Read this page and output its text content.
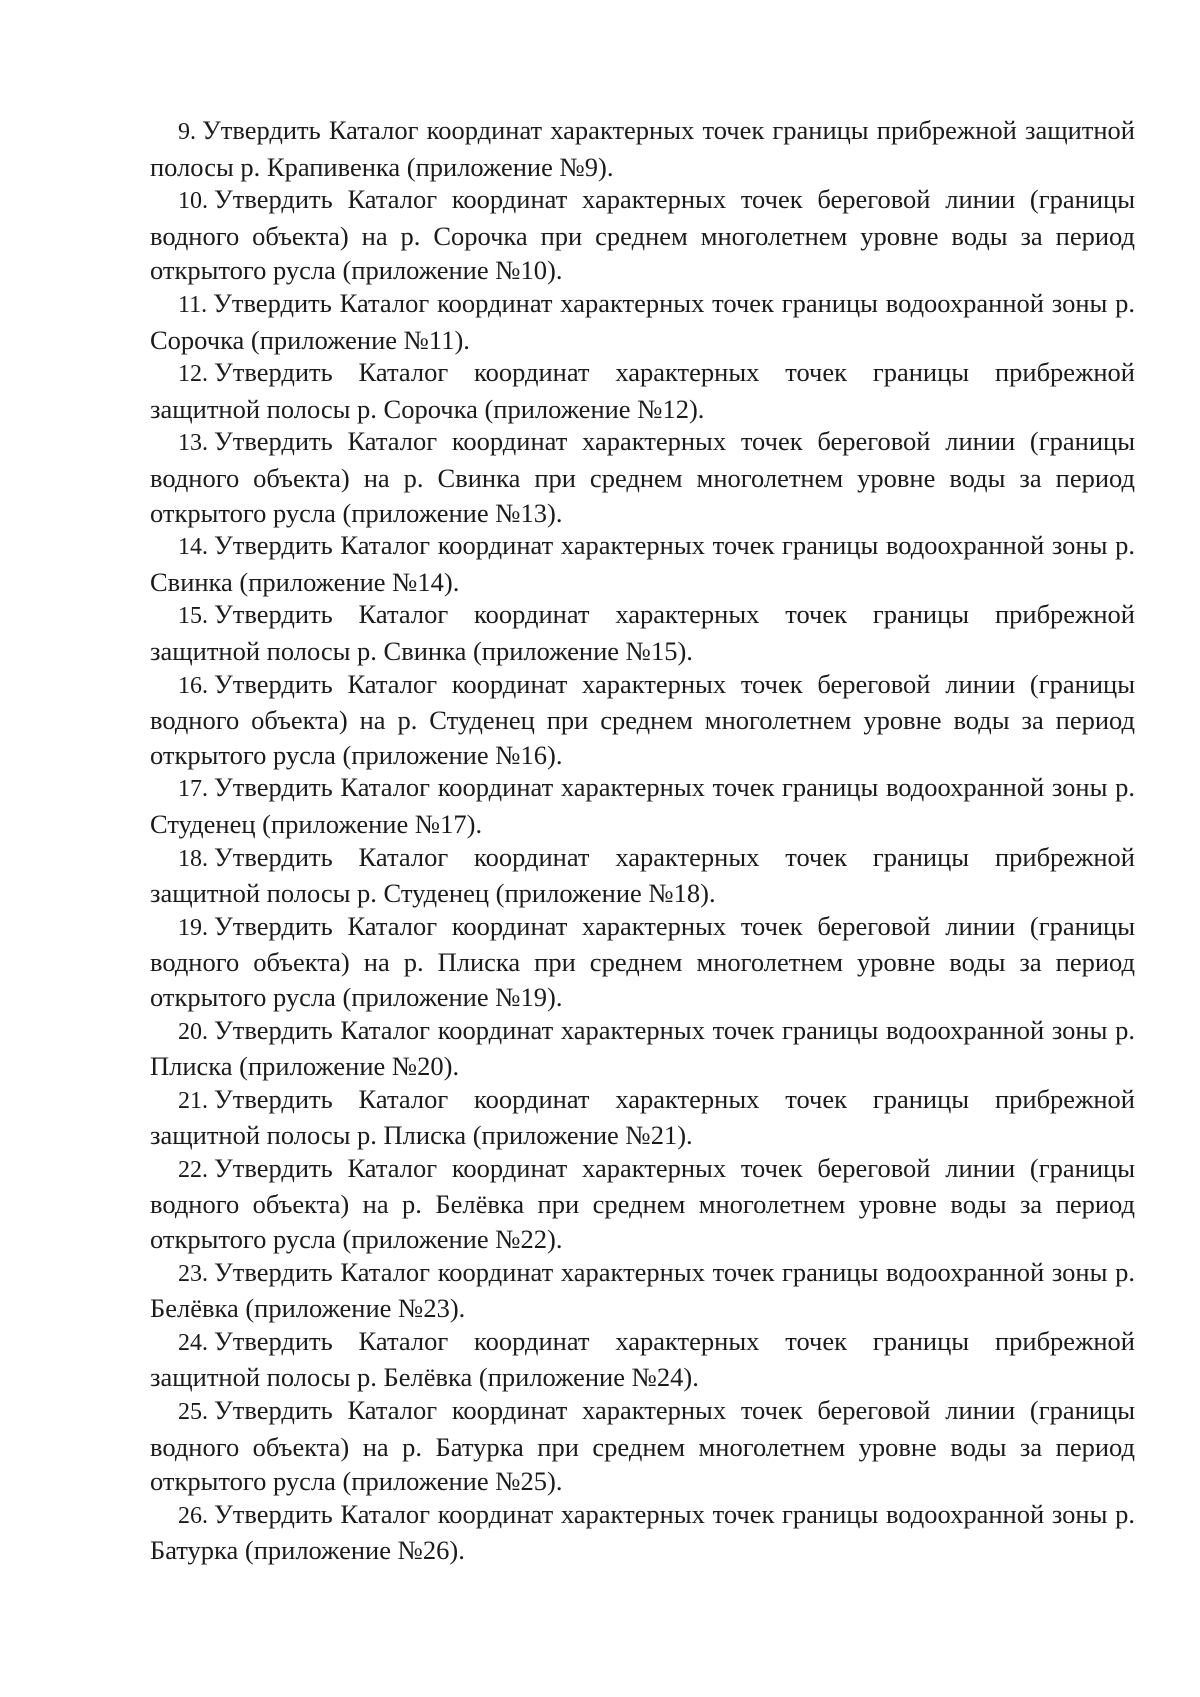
9. Утвердить Каталог координат характерных точек границы прибрежной защитной полосы р. Крапивенка (приложение №9).

10. Утвердить Каталог координат характерных точек береговой линии (границы водного объекта) на р. Сорочка при среднем многолетнем уровне воды за период открытого русла (приложение №10).

11. Утвердить Каталог координат характерных точек границы водоохранной зоны р. Сорочка (приложение №11).

12. Утвердить Каталог координат характерных точек границы прибрежной защитной полосы р. Сорочка (приложение №12).

13. Утвердить Каталог координат характерных точек береговой линии (границы водного объекта) на р. Свинка при среднем многолетнем уровне воды за период открытого русла (приложение №13).

14. Утвердить Каталог координат характерных точек границы водоохранной зоны р. Свинка (приложение №14).

15. Утвердить Каталог координат характерных точек границы прибрежной защитной полосы р. Свинка (приложение №15).

16. Утвердить Каталог координат характерных точек береговой линии (границы водного объекта) на р. Студенец при среднем многолетнем уровне воды за период открытого русла (приложение №16).

17. Утвердить Каталог координат характерных точек границы водоохранной зоны р. Студенец (приложение №17).

18. Утвердить Каталог координат характерных точек границы прибрежной защитной полосы р. Студенец (приложение №18).

19. Утвердить Каталог координат характерных точек береговой линии (границы водного объекта) на р. Плиска при среднем многолетнем уровне воды за период открытого русла (приложение №19).

20. Утвердить Каталог координат характерных точек границы водоохранной зоны р. Плиска (приложение №20).

21. Утвердить Каталог координат характерных точек границы прибрежной защитной полосы р. Плиска (приложение №21).

22. Утвердить Каталог координат характерных точек береговой линии (границы водного объекта) на р. Белёвка при среднем многолетнем уровне воды за период открытого русла (приложение №22).

23. Утвердить Каталог координат характерных точек границы водоохранной зоны р. Белёвка (приложение №23).

24. Утвердить Каталог координат характерных точек границы прибрежной защитной полосы р. Белёвка (приложение №24).

25. Утвердить Каталог координат характерных точек береговой линии (границы водного объекта) на р. Батурка при среднем многолетнем уровне воды за период открытого русла (приложение №25).

26. Утвердить Каталог координат характерных точек границы водоохранной зоны р. Батурка (приложение №26).
